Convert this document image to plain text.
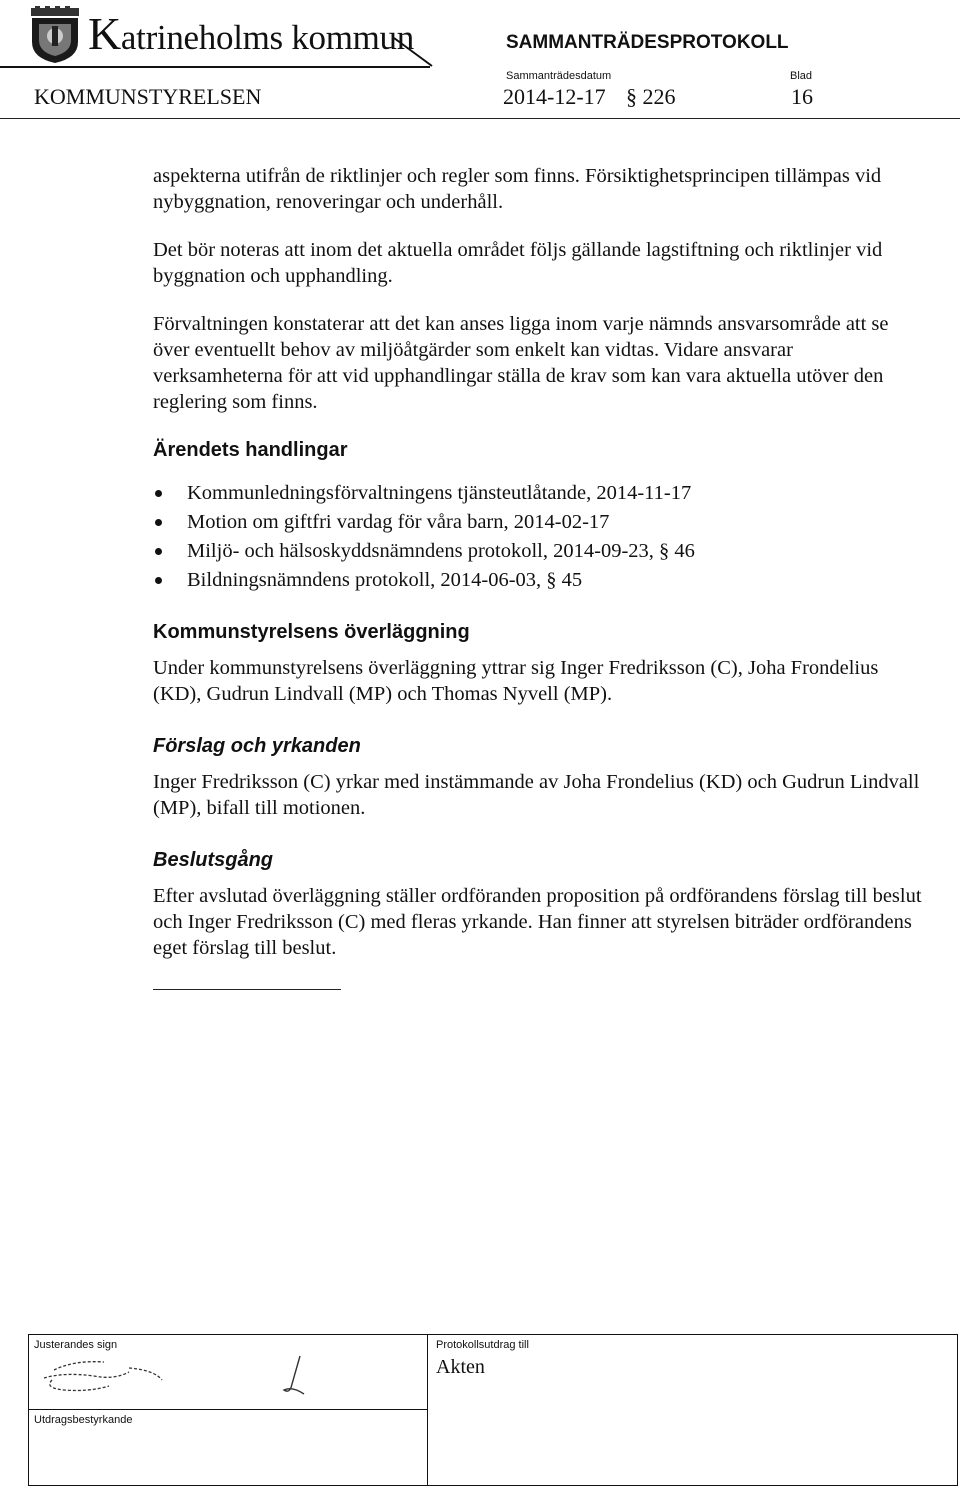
Katrineholms kommun	SAMMANTRÄDESPROTOKOLL
Sammanträdesdatum	Blad
KOMMUNSTYRELSEN	2014-12-17 § 226	16

aspekterna utifrån de riktlinjer och regler som finns. Försiktighetsprincipen tillämpas vid nybyggnation, renoveringar och underhåll.

Det bör noteras att inom det aktuella området följs gällande lagstiftning och riktlinjer vid byggnation och upphandling.

Förvaltningen konstaterar att det kan anses ligga inom varje nämnds ansvarsområde att se över eventuellt behov av miljöåtgärder som enkelt kan vidtas. Vidare ansvarar verksamheterna för att vid upphandlingar ställa de krav som kan vara aktuella utöver den reglering som finns.

Ärendets handlingar
Kommunledningsförvaltningens tjänsteutlåtande, 2014-11-17
Motion om giftfri vardag för våra barn, 2014-02-17
Miljö- och hälsoskyddsnämndens protokoll, 2014-09-23, § 46
Bildningsnämndens protokoll, 2014-06-03, § 45
Kommunstyrelsens överläggning

Under kommunstyrelsens överläggning yttrar sig Inger Fredriksson (C), Joha Frondelius (KD), Gudrun Lindvall (MP) och Thomas Nyvell (MP).

Förslag och yrkanden

Inger Fredriksson (C) yrkar med instämmande av Joha Frondelius (KD) och Gudrun Lindvall (MP), bifall till motionen.

Beslutsgång

Efter avslutad överläggning ställer ordföranden proposition på ordförandens förslag till beslut och Inger Fredriksson (C) med fleras yrkande. Han finner att styrelsen biträder ordförandens eget förslag till beslut.

Justerandes sign
Utdragsbestyrkande
Protokollsutdrag till
Akten
